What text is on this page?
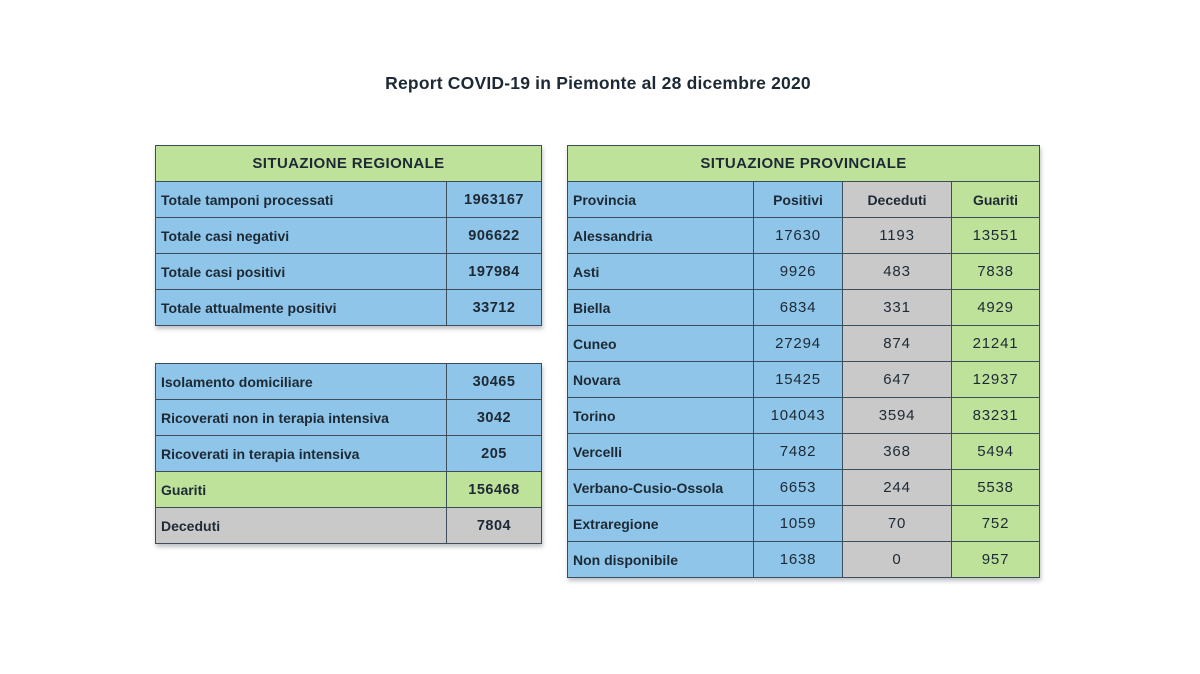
Report COVID-19 in Piemonte al 28 dicembre 2020
SITUAZIONE REGIONALE	
Totale tamponi processati	1963167
Totale casi negativi	906622
Totale casi positivi	197984
Totale attualmente positivi	33712
Isolamento domiciliare	30465
Ricoverati non in terapia intensiva	3042
Ricoverati in terapia intensiva	205
Guariti	156468
Deceduti	7804
SITUAZIONE PROVINCIALE			
Provincia	Positivi	Deceduti	Guariti
Alessandria	17630	1193	13551
Asti	9926	483	7838
Biella	6834	331	4929
Cuneo	27294	874	21241
Novara	15425	647	12937
Torino	104043	3594	83231
Vercelli	7482	368	5494
Verbano-Cusio-Ossola	6653	244	5538
Extraregione	1059	70	752
Non disponibile	1638	0	957
